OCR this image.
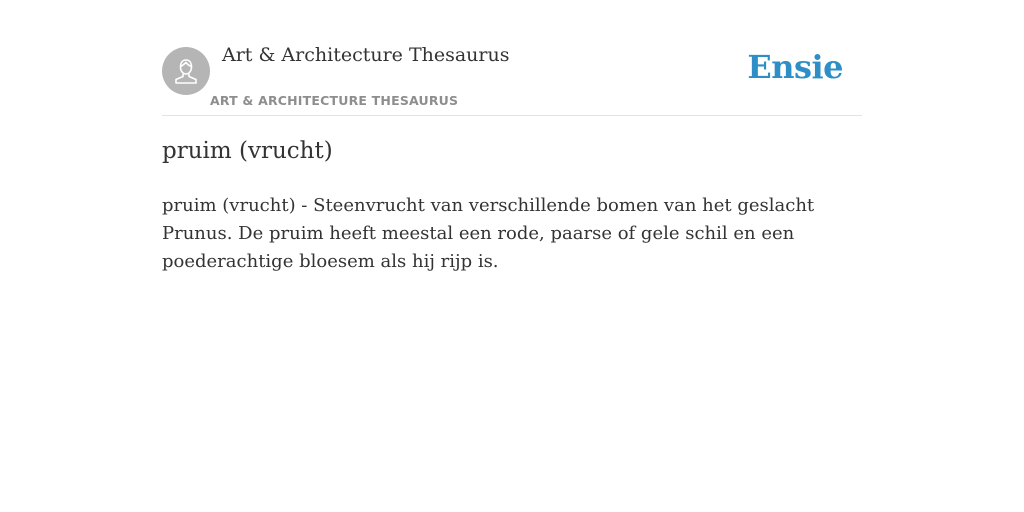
Art & Architecture Thesaurus
ART & ARCHITECTURE THESAURUS
Ensie
pruim (vrucht)

pruim (vrucht) - Steenvrucht van verschillende bomen van het geslacht Prunus. De pruim heeft meestal een rode, paarse of gele schil en een poederachtige bloesem als hij rijp is.
